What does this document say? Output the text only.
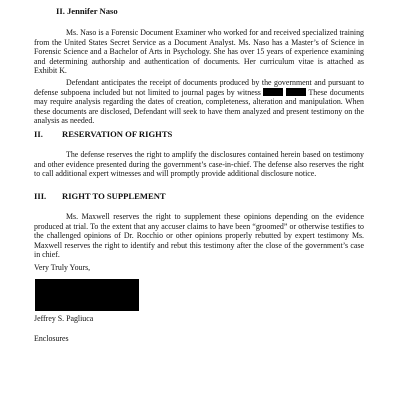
II. Jennifer Naso
Ms. Naso is a Forensic Document Examiner who worked for and received specialized training from the United States Secret Service as a Document Analyst. Ms. Naso has a Master’s of Science in Forensic Science and a Bachelor of Arts in Psychology. She has over 15 years of experience examining and determining authorship and authentication of documents. Her curriculum vitae is attached as Exhibit K.
Defendant anticipates the receipt of documents produced by the government and pursuant to defense subpoena included but not limited to journal pages by witness	These documents may require analysis regarding the dates of creation, completeness, alteration and manipulation. When these documents are disclosed, Defendant will seek to have them analyzed and present testimony on the analysis as needed.
II. RESERVATION OF RIGHTS
The defense reserves the right to amplify the disclosures contained herein based on testimony and other evidence presented during the government’s case-in-chief. The defense also reserves the right to call additional expert witnesses and will promptly provide additional disclosure notice.
III. RIGHT TO SUPPLEMENT
Ms. Maxwell reserves the right to supplement these opinions depending on the evidence produced at trial. To the extent that any accuser claims to have been “groomed” or otherwise testifies to the challenged opinions of Dr. Rocchio or other opinions properly rebutted by expert testimony Ms. Maxwell reserves the right to identify and rebut this testimony after the close of the government’s case in chief.
Very Truly Yours,
Jeffrey S. Pagliuca
Enclosures
